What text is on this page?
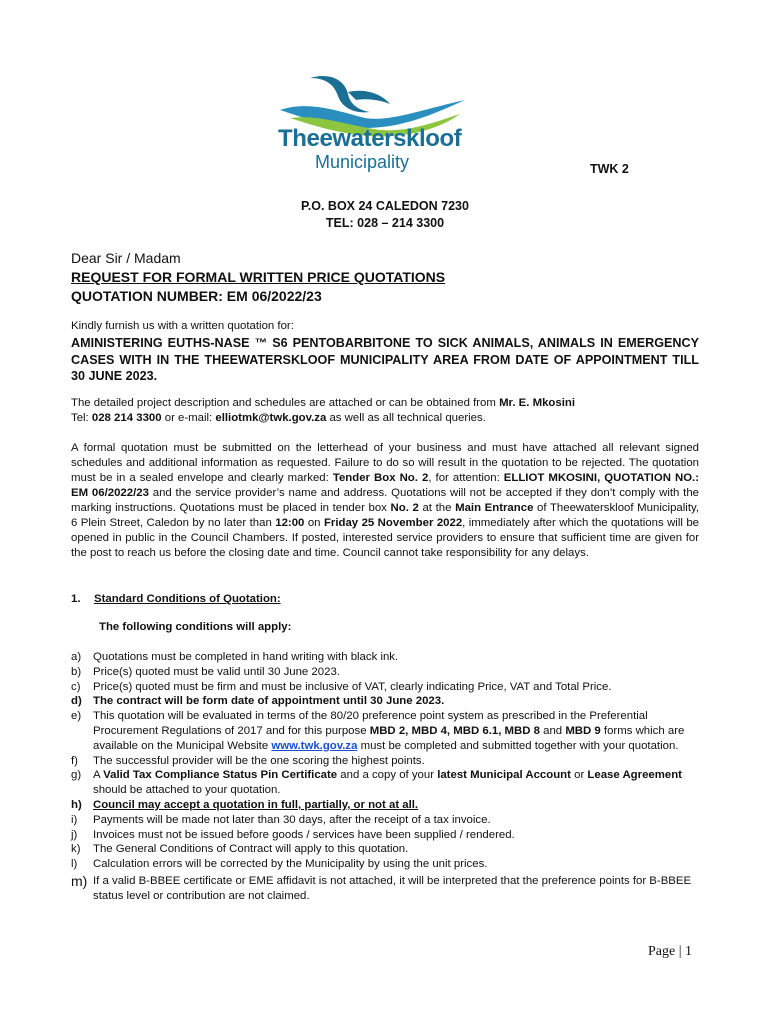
Theewaterskloof
Municipality	TWK 2
P.O. BOX 24 CALEDON 7230
TEL: 028 – 214 3300
Dear Sir / Madam
REQUEST FOR FORMAL WRITTEN PRICE QUOTATIONS
QUOTATION NUMBER: EM 06/2022/23
Kindly furnish us with a written quotation for:
AMINISTERING EUTHS-NASE ™ S6 PENTOBARBITONE TO SICK ANIMALS, ANIMALS IN EMERGENCY CASES WITH IN THE THEEWATERSKLOOF MUNICIPALITY AREA FROM DATE OF APPOINTMENT TILL 30 JUNE 2023.
The detailed project description and schedules are attached or can be obtained from Mr. E. Mkosini
Tel: 028 214 3300 or e-mail: elliotmk@twk.gov.za as well as all technical queries.
A formal quotation must be submitted on the letterhead of your business and must have attached all relevant signed schedules and additional information as requested. Failure to do so will result in the quotation to be rejected. The quotation must be in a sealed envelope and clearly marked: Tender Box No. 2, for attention: ELLIOT MKOSINI, QUOTATION NO.: EM 06/2022/23 and the service provider’s name and address. Quotations will not be accepted if they don’t comply with the marking instructions. Quotations must be placed in tender box No. 2 at the Main Entrance of Theewaterskloof Municipality, 6 Plein Street, Caledon by no later than 12:00 on Friday 25 November 2022, immediately after which the quotations will be opened in public in the Council Chambers. If posted, interested service providers to ensure that sufficient time are given for the post to reach us before the closing date and time. Council cannot take responsibility for any delays.
1. Standard Conditions of Quotation:
The following conditions will apply:
a) Quotations must be completed in hand writing with black ink.
b) Price(s) quoted must be valid until 30 June 2023.
c) Price(s) quoted must be firm and must be inclusive of VAT, clearly indicating Price, VAT and Total Price.
d) The contract will be form date of appointment until 30 June 2023.
e) This quotation will be evaluated in terms of the 80/20 preference point system as prescribed in the Preferential Procurement Regulations of 2017 and for this purpose MBD 2, MBD 4, MBD 6.1, MBD 8 and MBD 9 forms which are available on the Municipal Website www.twk.gov.za must be completed and submitted together with your quotation.
f) The successful provider will be the one scoring the highest points.
g) A Valid Tax Compliance Status Pin Certificate and a copy of your latest Municipal Account or Lease Agreement should be attached to your quotation.
h) Council may accept a quotation in full, partially, or not at all.
i) Payments will be made not later than 30 days, after the receipt of a tax invoice.
j) Invoices must not be issued before goods / services have been supplied / rendered.
k) The General Conditions of Contract will apply to this quotation.
l) Calculation errors will be corrected by the Municipality by using the unit prices.
m) If a valid B-BBEE certificate or EME affidavit is not attached, it will be interpreted that the preference points for B-BBEE status level or contribution are not claimed.
Page | 1
